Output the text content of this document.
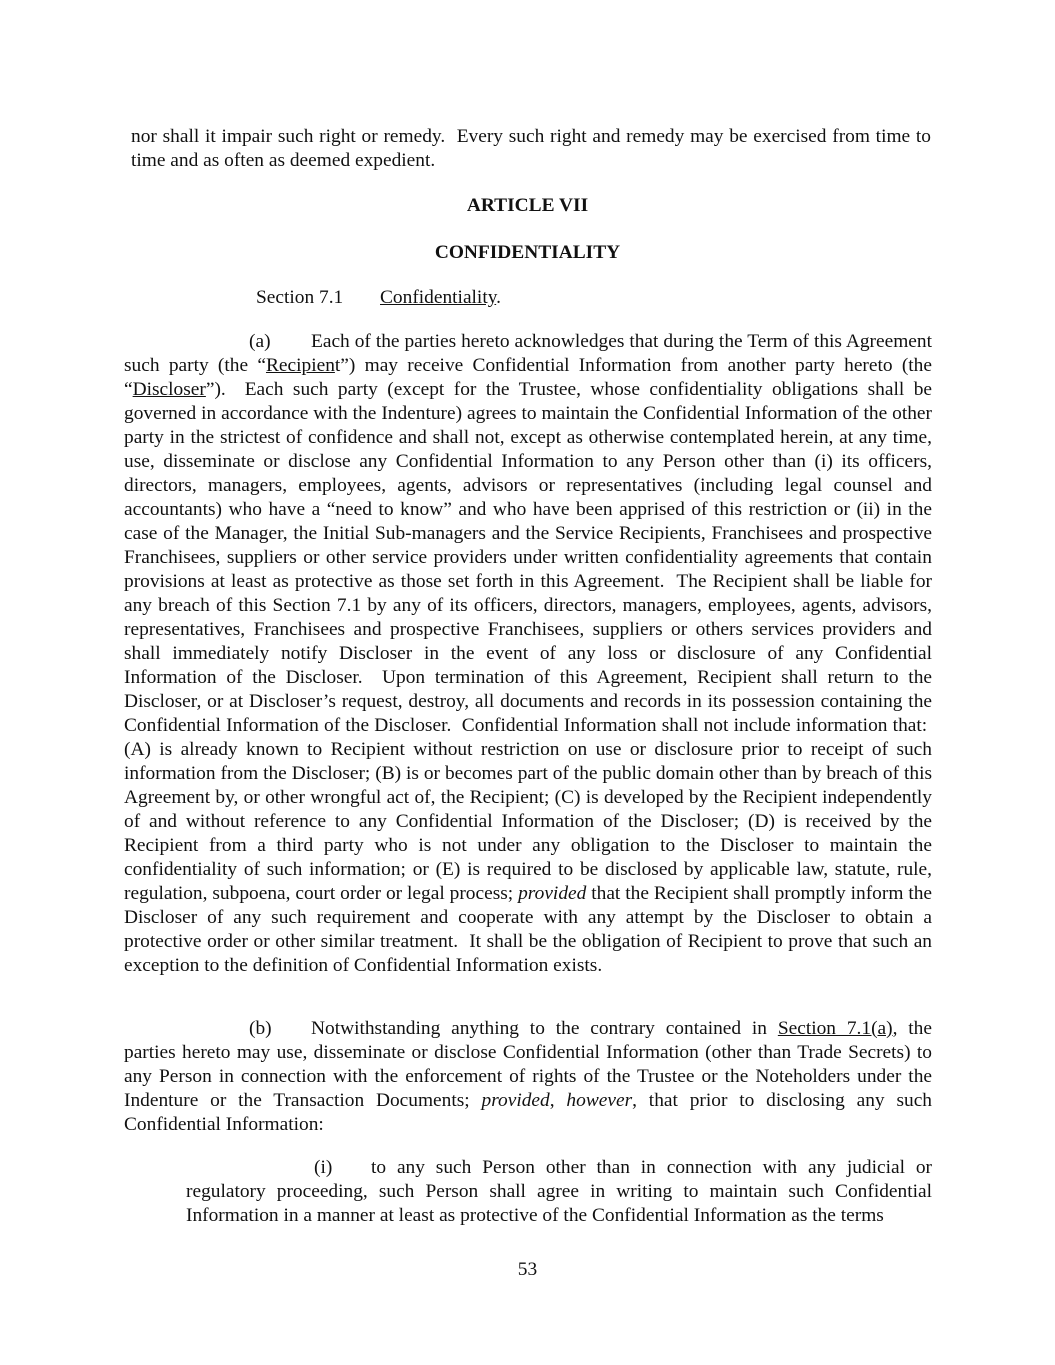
nor shall it impair such right or remedy.  Every such right and remedy may be exercised from time to time and as often as deemed expedient.

ARTICLE VII

CONFIDENTIALITY

Section 7.1 Confidentiality.

(a) Each of the parties hereto acknowledges that during the Term of this Agreement such party (the “Recipient”) may receive Confidential Information from another party hereto (the “Discloser”).  Each such party (except for the Trustee, whose confidentiality obligations shall be governed in accordance with the Indenture) agrees to maintain the Confidential Information of the other party in the strictest of confidence and shall not, except as otherwise contemplated herein, at any time, use, disseminate or disclose any Confidential Information to any Person other than (i) its officers, directors, managers, employees, agents, advisors or representatives (including legal counsel and accountants) who have a “need to know” and who have been apprised of this restriction or (ii) in the case of the Manager, the Initial Sub-managers and the Service Recipients, Franchisees and prospective Franchisees, suppliers or other service providers under written confidentiality agreements that contain provisions at least as protective as those set forth in this Agreement.  The Recipient shall be liable for any breach of this Section 7.1 by any of its officers, directors, managers, employees, agents, advisors, representatives, Franchisees and prospective Franchisees, suppliers or others services providers and shall immediately notify Discloser in the event of any loss or disclosure of any Confidential Information of the Discloser.  Upon termination of this Agreement, Recipient shall return to the Discloser, or at Discloser’s request, destroy, all documents and records in its possession containing the Confidential Information of the Discloser.  Confidential Information shall not include information that:  (A) is already known to Recipient without restriction on use or disclosure prior to receipt of such information from the Discloser; (B) is or becomes part of the public domain other than by breach of this Agreement by, or other wrongful act of, the Recipient; (C) is developed by the Recipient independently of and without reference to any Confidential Information of the Discloser; (D) is received by the Recipient from a third party who is not under any obligation to the Discloser to maintain the confidentiality of such information; or (E) is required to be disclosed by applicable law, statute, rule, regulation, subpoena, court order or legal process; provided that the Recipient shall promptly inform the Discloser of any such requirement and cooperate with any attempt by the Discloser to obtain a protective order or other similar treatment.  It shall be the obligation of Recipient to prove that such an exception to the definition of Confidential Information exists.

(b) Notwithstanding anything to the contrary contained in Section 7.1(a), the parties hereto may use, disseminate or disclose Confidential Information (other than Trade Secrets) to any Person in connection with the enforcement of rights of the Trustee or the Noteholders under the Indenture or the Transaction Documents; provided, however, that prior to disclosing any such Confidential Information:

(i) to any such Person other than in connection with any judicial or regulatory proceeding, such Person shall agree in writing to maintain such Confidential Information in a manner at least as protective of the Confidential Information as the terms

53
